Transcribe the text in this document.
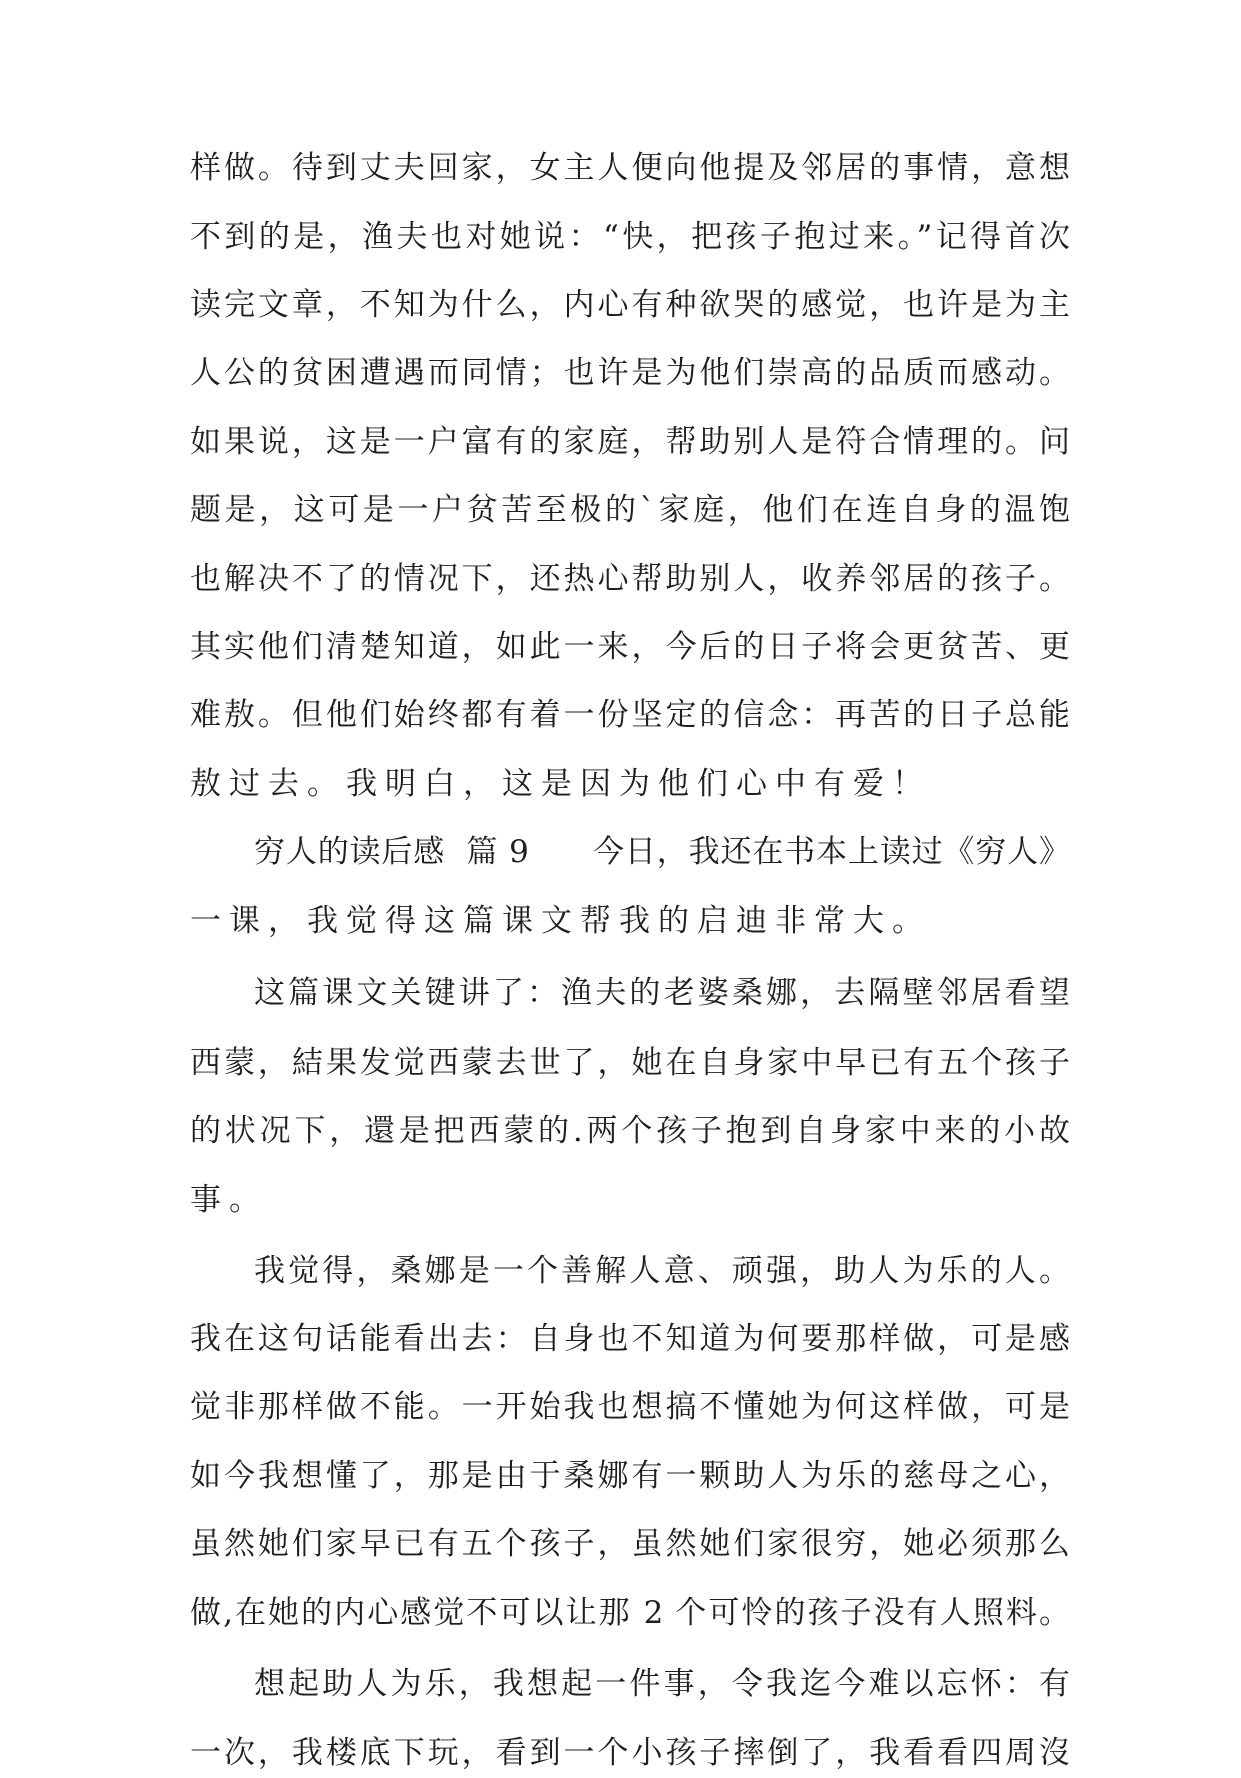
样做。待到丈夫回家，女主人便向他提及邻居的事情，意想
不到的是，渔夫也对她说：“快，把孩子抱过来。”记得首次
读完文章，不知为什么，内心有种欲哭的感觉，也许是为主
人公的贫困遭遇而同情；也许是为他们崇高的品质而感动。
如果说，这是一户富有的家庭，帮助别人是符合情理的。问
题是，这可是一户贫苦至极的`家庭，他们在连自身的温饱
也解决不了的情况下，还热心帮助别人，收养邻居的孩子。
其实他们清楚知道，如此一来，今后的日子将会更贫苦、更
难敖。但他们始终都有着一份坚定的信念：再苦的日子总能
敖过去。我明白，这是因为他们心中有爱！
穷人的读后感  篇 9      今日，我还在书本上读过《穷人》
一课，我觉得这篇课文帮我的启迪非常大。
这篇课文关键讲了：渔夫的老婆桑娜，去隔壁邻居看望
西蒙，結果发觉西蒙去世了，她在自身家中早已有五个孩子
的状况下，還是把西蒙的.两个孩子抱到自身家中来的小故
事。
我觉得，桑娜是一个善解人意、顽强，助人为乐的人。
我在这句话能看出去：自身也不知道为何要那样做，可是感
觉非那样做不能。一开始我也想搞不懂她为何这样做，可是
如今我想懂了，那是由于桑娜有一颗助人为乐的慈母之心，
虽然她们家早已有五个孩子，虽然她们家很穷，她必须那么
做,在她的内心感觉不可以让那 2 个可怜的孩子没有人照料。
想起助人为乐，我想起一件事，令我迄今难以忘怀：有
一次，我楼底下玩，看到一个小孩子摔倒了，我看看四周沒
